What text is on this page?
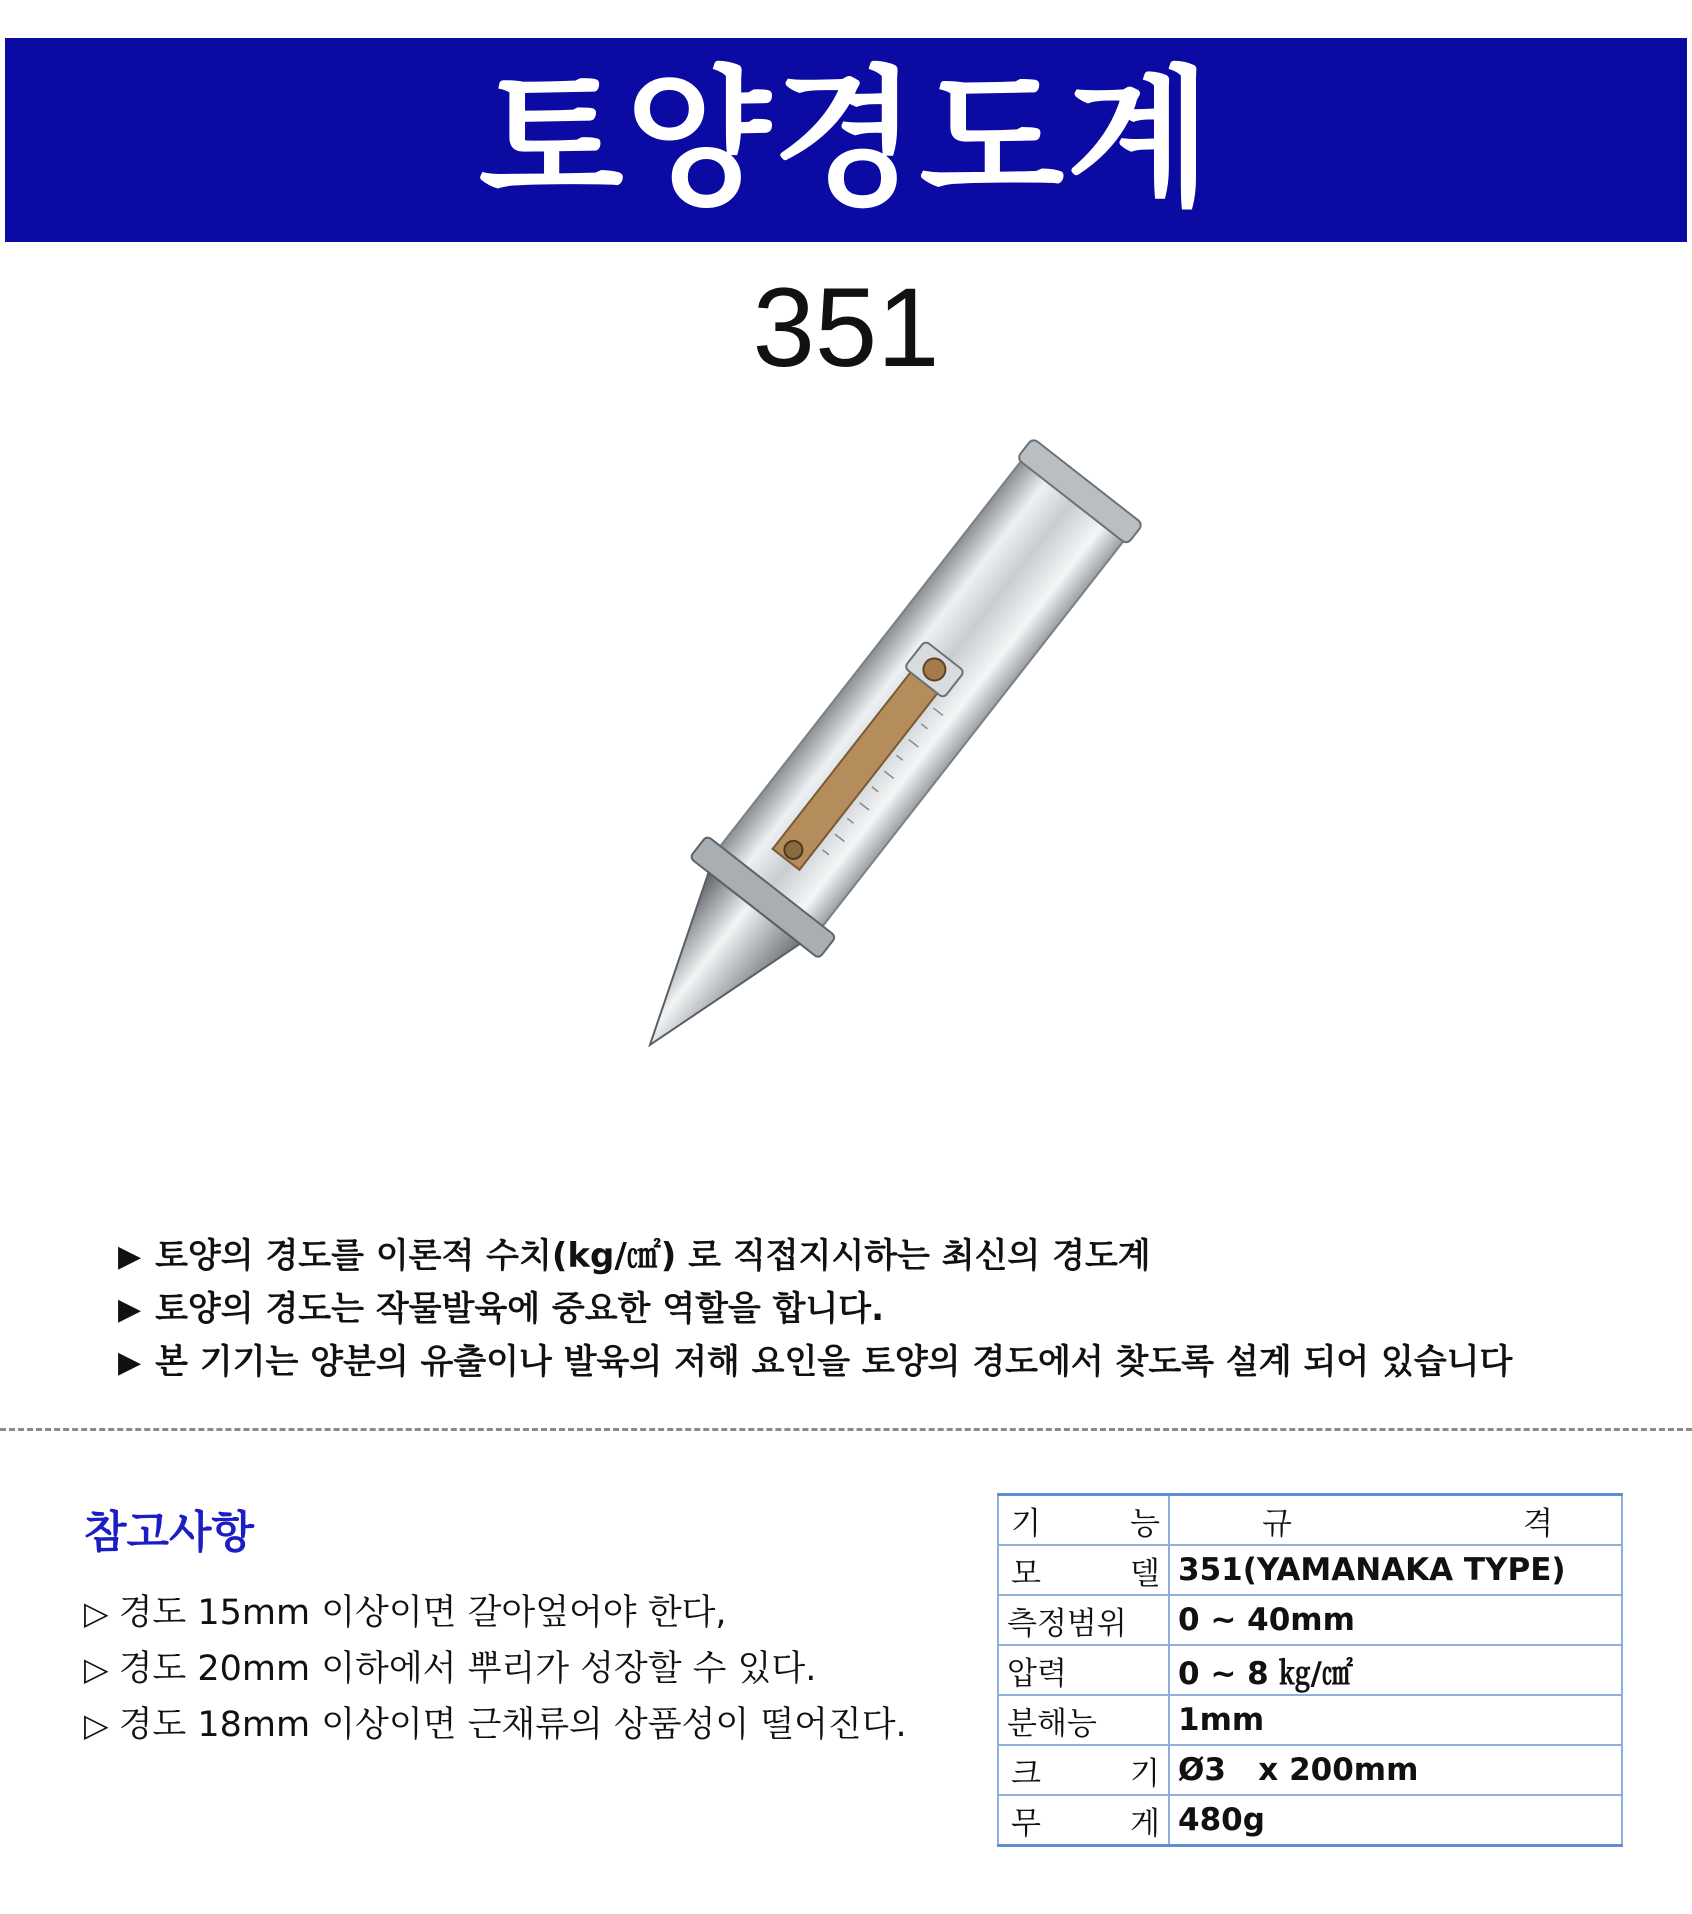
토양경도계
351
▶ 토양의 경도를 이론적 수치(kg/㎠) 로 직접지시하는 최신의 경도계
▶ 토양의 경도는 작물발육에 중요한 역할을 합니다.
▶ 본 기기는 양분의 유출이나 발육의 저해 요인을 토양의 경도에서 찾도록 설계 되어 있습니다
참고사항
▷ 경도 15mm 이상이면 갈아엎어야 한다,
▷ 경도 20mm 이하에서 뿌리가 성장할 수 있다.
▷ 경도 18mm 이상이면 근채류의 상품성이 떨어진다.
기 능	규 격

모 델	351(YAMANAKA TYPE)
측정범위	0 ~ 40mm
압력	0 ~ 8 ㎏/㎠
분해능	1mm

크 기	Ø3   x 200mm

무 게	480g
